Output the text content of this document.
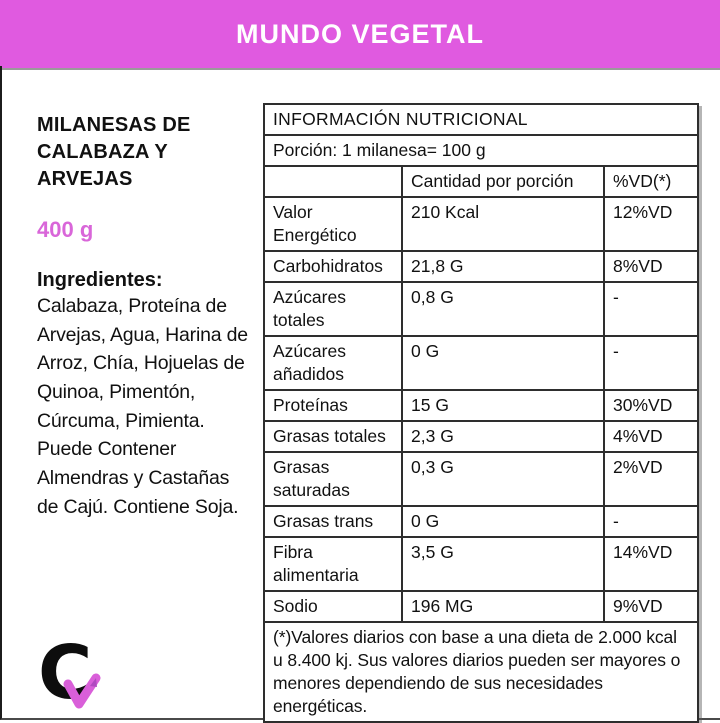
MUNDO VEGETAL
MILANESAS DE CALABAZA Y ARVEJAS
400 g
Ingredientes:
Calabaza, Proteína de Arvejas, Agua, Harina de Arroz, Chía, Hojuelas de Quinoa, Pimentón, Cúrcuma, Pimienta. Puede Contener Almendras y Castañas de Cajú. Contiene Soja.
INFORMACIÓN NUTRICIONAL		
Porción: 1 milanesa= 100 g		
	Cantidad por porción	%VD(*)
Valor Energético	210 Kcal	12%VD
Carbohidratos	21,8 G	8%VD
Azúcares totales	0,8 G	-
Azúcares añadidos	0 G	-
Proteínas	15 G	30%VD
Grasas totales	2,3 G	4%VD
Grasas saturadas	0,3 G	2%VD
Grasas trans	0 G	-
Fibra alimentaria	3,5 G	14%VD
Sodio	196 MG	9%VD
(*)Valores diarios con base a una dieta de 2.000 kcal u 8.400 kj. Sus valores diarios pueden ser mayores o menores dependiendo de sus necesidades energéticas.		
C
